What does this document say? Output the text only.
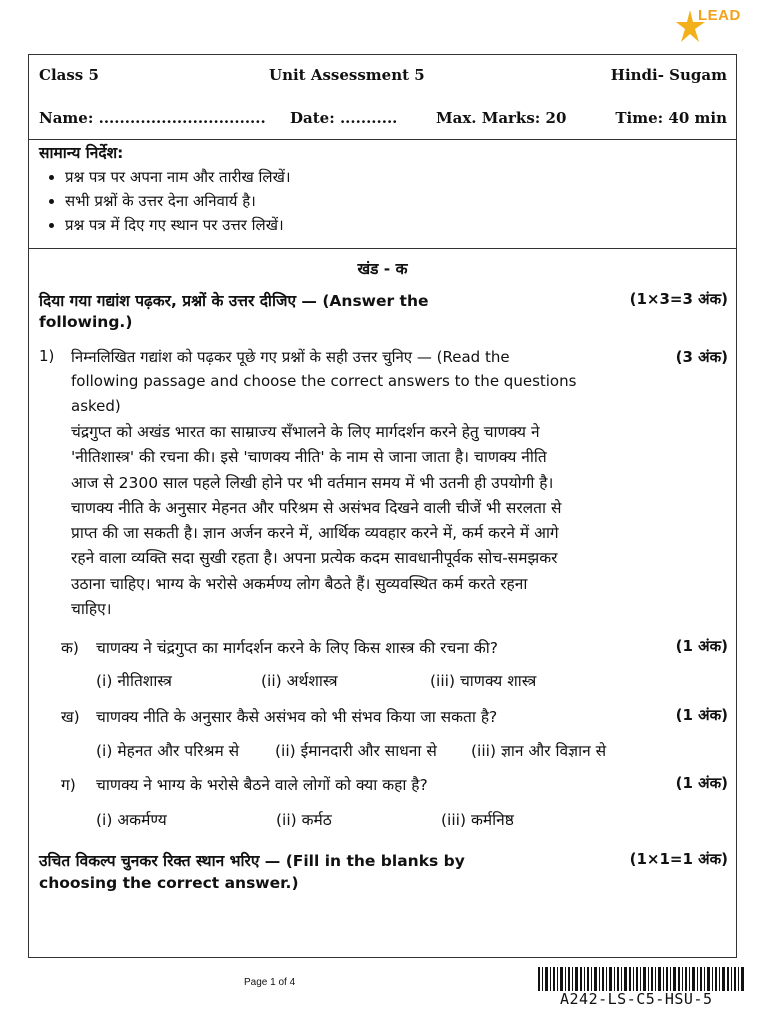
LEAD
Class 5	Unit Assessment 5	Hindi- Sugam
Name: ................................ Date: ...........	Max. Marks: 20	Time: 40 min
सामान्य निर्देश:
• प्रश्न पत्र पर अपना नाम और तारीख लिखें।
• सभी प्रश्नों के उत्तर देना अनिवार्य है।
• प्रश्न पत्र में दिए गए स्थान पर उत्तर लिखें।
खंड - क
दिया गया गद्यांश पढ़कर, प्रश्नों के उत्तर दीजिए — (Answer the
following.)
(1×3=3 अंक)
1) निम्नलिखित गद्यांश को पढ़कर पूछे गए प्रश्नों के सही उत्तर चुनिए — (Read the
following passage and choose the correct answers to the questions
asked)
(3 अंक)
चंद्रगुप्त को अखंड भारत का साम्राज्य सँभालने के लिए मार्गदर्शन करने हेतु चाणक्य ने
'नीतिशास्त्र' की रचना की। इसे 'चाणक्य नीति' के नाम से जाना जाता है। चाणक्य नीति
आज से 2300 साल पहले लिखी होने पर भी वर्तमान समय में भी उतनी ही उपयोगी है।
चाणक्य नीति के अनुसार मेहनत और परिश्रम से असंभव दिखने वाली चीजें भी सरलता से
प्राप्त की जा सकती है। ज्ञान अर्जन करने में, आर्थिक व्यवहार करने में, कर्म करने में आगे
रहने वाला व्यक्ति सदा सुखी रहता है। अपना प्रत्येक कदम सावधानीपूर्वक सोच-समझकर
उठाना चाहिए। भाग्य के भरोसे अकर्मण्य लोग बैठते हैं। सुव्यवस्थित कर्म करते रहना
चाहिए।
क) चाणक्य ने चंद्रगुप्त का मार्गदर्शन करने के लिए किस शास्त्र की रचना की?	(1 अंक)
(i) नीतिशास्त्र	(ii) अर्थशास्त्र	(iii) चाणक्य शास्त्र
ख) चाणक्य नीति के अनुसार कैसे असंभव को भी संभव किया जा सकता है?	(1 अंक)
(i) मेहनत और परिश्रम से (ii) ईमानदारी और साधना से (iii) ज्ञान और विज्ञान से
ग) चाणक्य ने भाग्य के भरोसे बैठने वाले लोगों को क्या कहा है?	(1 अंक)
(i) अकर्मण्य	(ii) कर्मठ	(iii) कर्मनिष्ठ
उचित विकल्प चुनकर रिक्त स्थान भरिए — (Fill in the blanks by
choosing the correct answer.)
(1×1=1 अंक)
Page 1 of 4
A242-LS-C5-HSU-5
